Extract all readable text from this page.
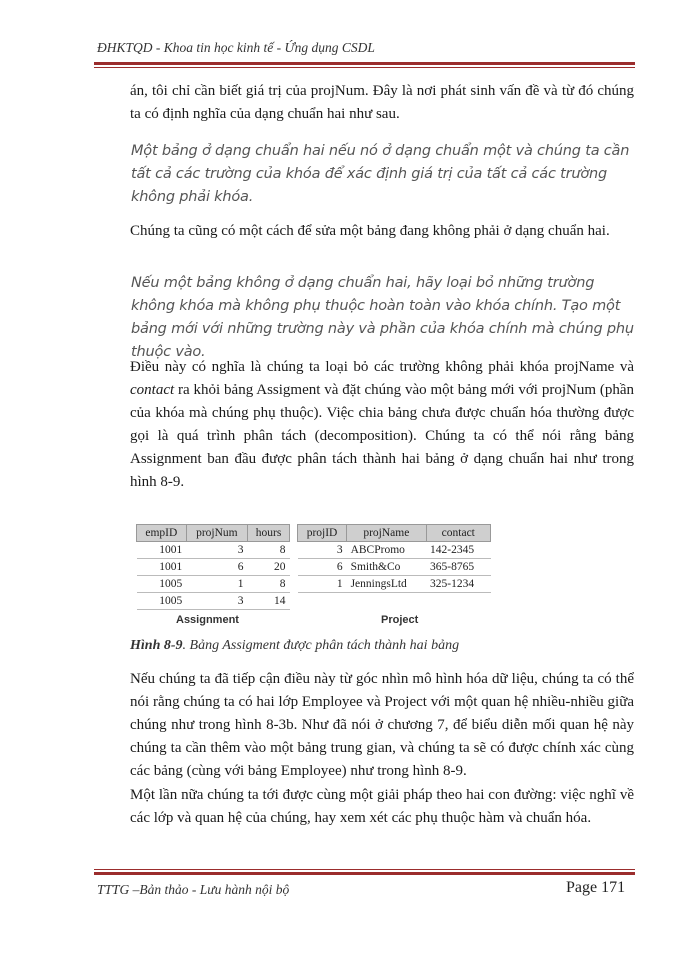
ĐHKTQD - Khoa tin học kinh tế - Ứng dụng CSDL

án, tôi chỉ cần biết giá trị của projNum. Đây là nơi phát sinh vấn đề và từ đó chúng ta có định nghĩa của dạng chuẩn hai như sau.

Một bảng ở dạng chuẩn hai nếu nó ở dạng chuẩn một và chúng ta cần tất cả các trường của khóa để xác định giá trị của tất cả các trường không phải khóa.

Chúng ta cũng có một cách để sửa một bảng đang không phải ở dạng chuẩn hai.

Nếu một bảng không ở dạng chuẩn hai, hãy loại bỏ những trường không khóa mà không phụ thuộc hoàn toàn vào khóa chính. Tạo một bảng mới với những trường này và phần của khóa chính mà chúng phụ thuộc vào.

Điều này có nghĩa là chúng ta loại bỏ các trường không phải khóa projName và contact ra khỏi bảng Assigment và đặt chúng vào một bảng mới với projNum (phần của khóa mà chúng phụ thuộc). Việc chia bảng chưa được chuẩn hóa thường được gọi là quá trình phân tách (decomposition). Chúng ta có thể nói rằng bảng Assignment ban đầu được phân tách thành hai bảng ở dạng chuẩn hai như trong hình 8-9.

empID	projNum	hours
1001	3	8
1001	6	20
1005	1	8
1005	3	14
projID	projName	contact
3	ABCPromo	142-2345
6	Smith&Co	365-8765
1	JenningsLtd	325-1234
Assignment	Project
Hình 8-9. Bảng Assigment được phân tách thành hai bảng

Nếu chúng ta đã tiếp cận điều này từ góc nhìn mô hình hóa dữ liệu, chúng ta có thể nói rằng chúng ta có hai lớp Employee và Project với một quan hệ nhiều-nhiều giữa chúng như trong hình 8-3b. Như đã nói ở chương 7, để biểu diễn mối quan hệ này chúng ta cần thêm vào một bảng trung gian, và chúng ta sẽ có được chính xác cùng các bảng (cùng với bảng Employee) như trong hình 8-9.

Một lần nữa chúng ta tới được cùng một giải pháp theo hai con đường: việc nghĩ về các lớp và quan hệ của chúng, hay xem xét các phụ thuộc hàm và chuẩn hóa.

TTTG –Bản thảo - Lưu hành nội bộ	Page 171
